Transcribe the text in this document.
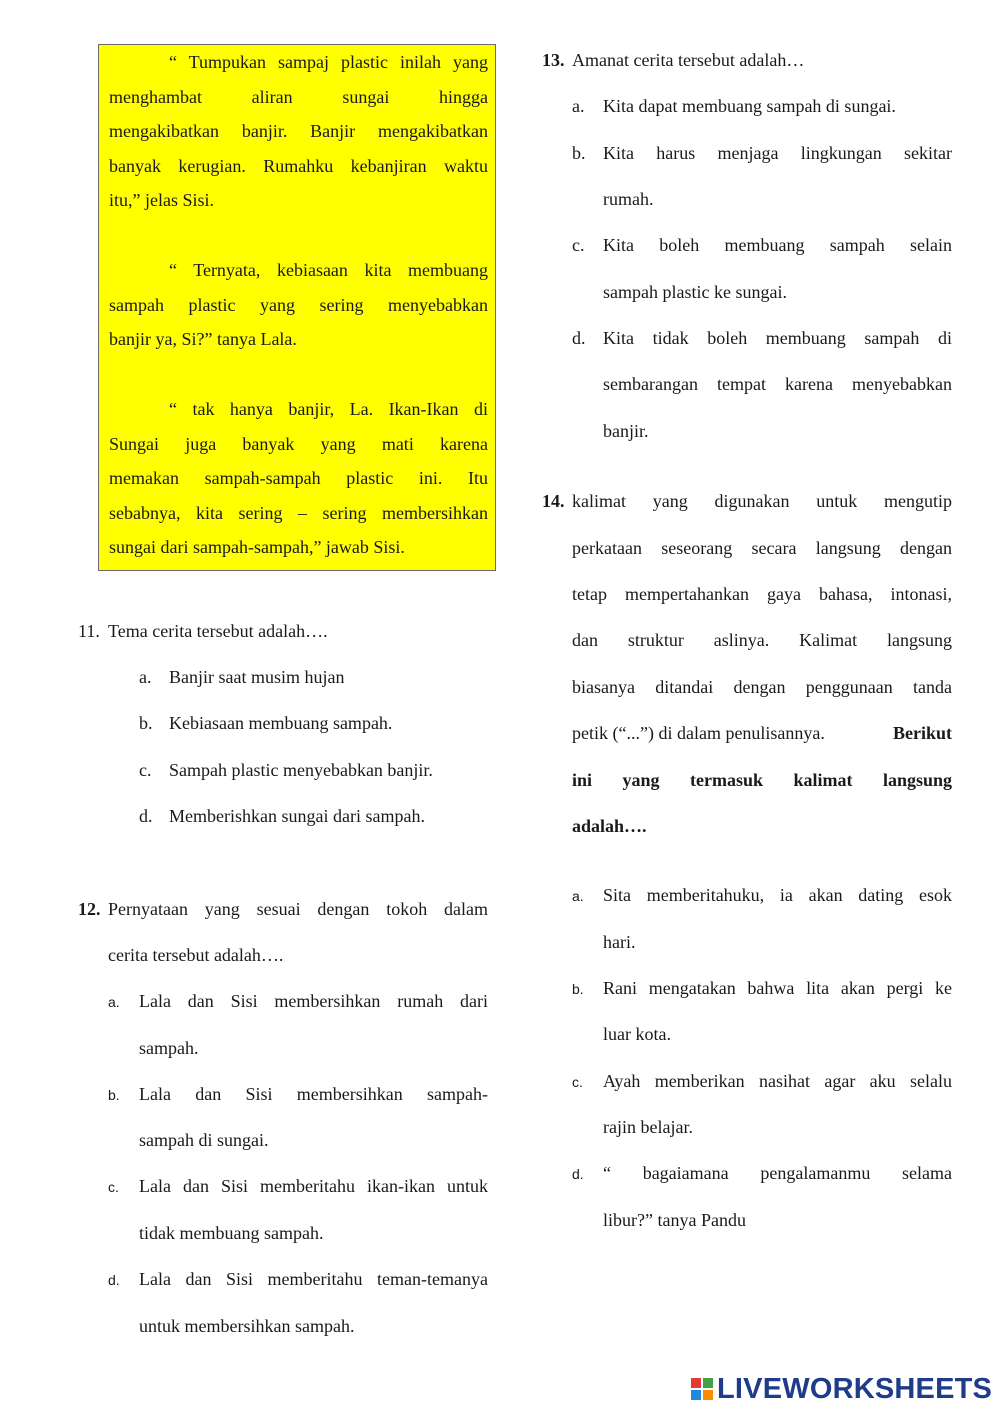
“ Tumpukan sampaj plastic inilah yang
menghambat aliran sungai hingga
mengakibatkan banjir. Banjir mengakibatkan
banyak kerugian. Rumahku kebanjiran waktu
itu,” jelas Sisi.
“ Ternyata, kebiasaan kita membuang
sampah plastic yang sering menyebabkan
banjir ya, Si?” tanya Lala.
“ tak hanya banjir, La. Ikan-Ikan di
Sungai juga banyak yang mati karena
memakan sampah-sampah plastic ini. Itu
sebabnya, kita sering – sering membersihkan
sungai dari sampah-sampah,” jawab Sisi.
11. Tema cerita tersebut adalah….
a. Banjir saat musim hujan
b. Kebiasaan membuang sampah.
c. Sampah plastic menyebabkan banjir.
d. Memberishkan sungai dari sampah.
12. Pernyataan yang sesuai dengan tokoh dalam
cerita tersebut adalah….
a. Lala dan Sisi membersihkan rumah dari
sampah.
b. Lala dan Sisi membersihkan sampah-
sampah di sungai.
c. Lala dan Sisi memberitahu ikan-ikan untuk
tidak membuang sampah.
d. Lala dan Sisi memberitahu teman-temanya
untuk membersihkan sampah.
13. Amanat cerita tersebut adalah…
a. Kita dapat membuang sampah di sungai.
b. Kita harus menjaga lingkungan sekitar
rumah.
c. Kita boleh membuang sampah selain
sampah plastic ke sungai.
d. Kita tidak boleh membuang sampah di
sembarangan tempat karena menyebabkan
banjir.
14. kalimat yang digunakan untuk mengutip
perkataan seseorang secara langsung dengan
tetap mempertahankan gaya bahasa, intonasi,
dan struktur aslinya. Kalimat langsung
biasanya ditandai dengan penggunaan tanda
petik (“...”) di dalam penulisannya.	Berikut
ini yang termasuk kalimat langsung
adalah….
a. Sita memberitahuku, ia akan dating esok
hari.
b. Rani mengatakan bahwa lita akan pergi ke
luar kota.
c. Ayah memberikan nasihat agar aku selalu
rajin belajar.
d. “ bagaiamana pengalamanmu selama
libur?” tanya Pandu
LIVEWORKSHEETS
